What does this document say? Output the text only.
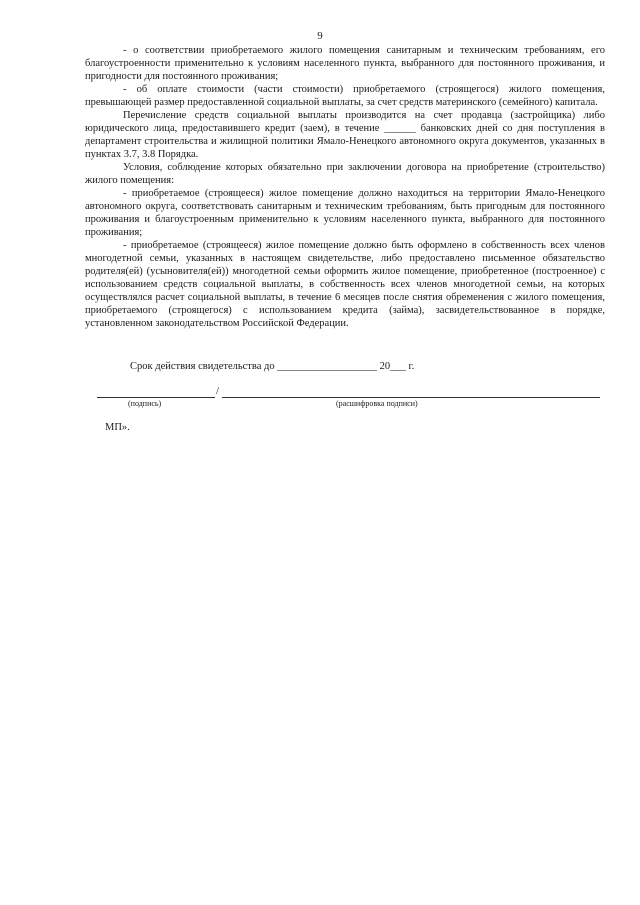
9

- о соответствии приобретаемого жилого помещения санитарным и техническим требованиям, его благоустроенности применительно к условиям населенного пункта, выбранного для постоянного проживания, и пригодности для постоянного проживания;

- об оплате стоимости (части стоимости) приобретаемого (строящегося) жилого помещения, превышающей размер предоставленной социальной выплаты, за счет средств материнского (семейного) капитала.

Перечисление средств социальной выплаты производится на счет продавца (застройщика) либо юридического лица, предоставившего кредит (заем), в течение ______ банковских дней со дня поступления в департамент строительства и жилищной политики Ямало-Ненецкого автономного округа документов, указанных в пунктах 3.7, 3.8 Порядка.

Условия, соблюдение которых обязательно при заключении договора на приобретение (строительство) жилого помещения:

- приобретаемое (строящееся) жилое помещение должно находиться на территории Ямало-Ненецкого автономного округа, соответствовать санитарным и техническим требованиям, быть пригодным для постоянного проживания и благоустроенным применительно к условиям населенного пункта, выбранного для постоянного проживания;

- приобретаемое (строящееся) жилое помещение должно быть оформлено в собственность всех членов многодетной семьи, указанных в настоящем свидетельстве, либо предоставлено письменное обязательство родителя(ей) (усыновителя(ей)) многодетной семьи оформить жилое помещение, приобретенное (построенное) с использованием средств социальной выплаты, в собственность всех членов многодетной семьи, на которых осуществлялся расчет социальной выплаты, в течение 6 месяцев после снятия обременения с жилого помещения, приобретаемого (строящегося) с использованием кредита (займа), засвидетельствованное в порядке, установленном законодательством Российской Федерации.

Срок действия свидетельства до ___________________ 20___ г.
/
(подпись)	(расшифровка подписи)
МП».
